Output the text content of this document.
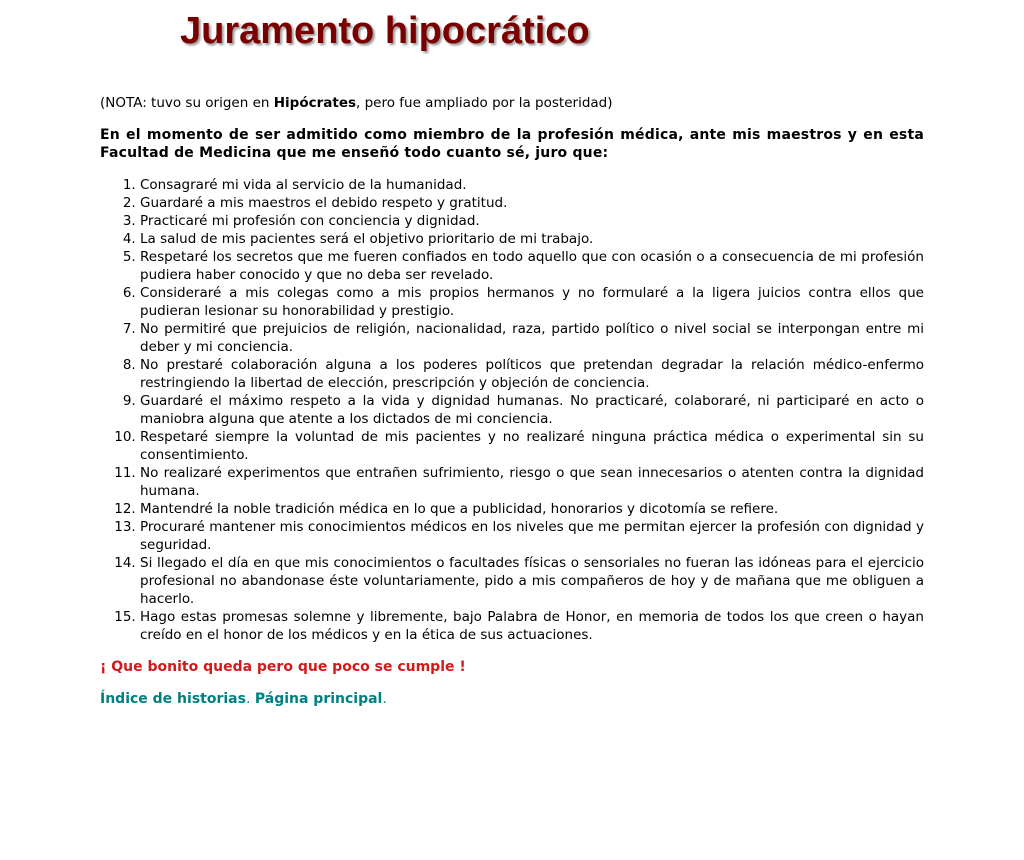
Juramento hipocrático

(NOTA: tuvo su origen en Hipócrates, pero fue ampliado por la posteridad)

En el momento de ser admitido como miembro de la profesión médica, ante mis maestros y en esta Facultad de Medicina que me enseñó todo cuanto sé, juro que:

1. Consagraré mi vida al servicio de la humanidad.
2. Guardaré a mis maestros el debido respeto y gratitud.
3. Practicaré mi profesión con conciencia y dignidad.
4. La salud de mis pacientes será el objetivo prioritario de mi trabajo.
5. Respetaré los secretos que me fueren confiados en todo aquello que con ocasión o a consecuencia de mi profesión pudiera haber conocido y que no deba ser revelado.
6. Consideraré a mis colegas como a mis propios hermanos y no formularé a la ligera juicios contra ellos que pudieran lesionar su honorabilidad y prestigio.
7. No permitiré que prejuicios de religión, nacionalidad, raza, partido político o nivel social se interpongan entre mi deber y mi conciencia.
8. No prestaré colaboración alguna a los poderes políticos que pretendan degradar la relación médico-enfermo restringiendo la libertad de elección, prescripción y objeción de conciencia.
9. Guardaré el máximo respeto a la vida y dignidad humanas. No practicaré, colaboraré, ni participaré en acto o maniobra alguna que atente a los dictados de mi conciencia.
10. Respetaré siempre la voluntad de mis pacientes y no realizaré ninguna práctica médica o experimental sin su consentimiento.
11. No realizaré experimentos que entrañen sufrimiento, riesgo o que sean innecesarios o atenten contra la dignidad humana.
12. Mantendré la noble tradición médica en lo que a publicidad, honorarios y dicotomía se refiere.
13. Procuraré mantener mis conocimientos médicos en los niveles que me permitan ejercer la profesión con dignidad y seguridad.
14. Si llegado el día en que mis conocimientos o facultades físicas o sensoriales no fueran las idóneas para el ejercicio profesional no abandonase éste voluntariamente, pido a mis compañeros de hoy y de mañana que me obliguen a hacerlo.
15. Hago estas promesas solemne y libremente, bajo Palabra de Honor, en memoria de todos los que creen o hayan creído en el honor de los médicos y en la ética de sus actuaciones.

¡ Que bonito queda pero que poco se cumple !

Índice de historias. Página principal.
